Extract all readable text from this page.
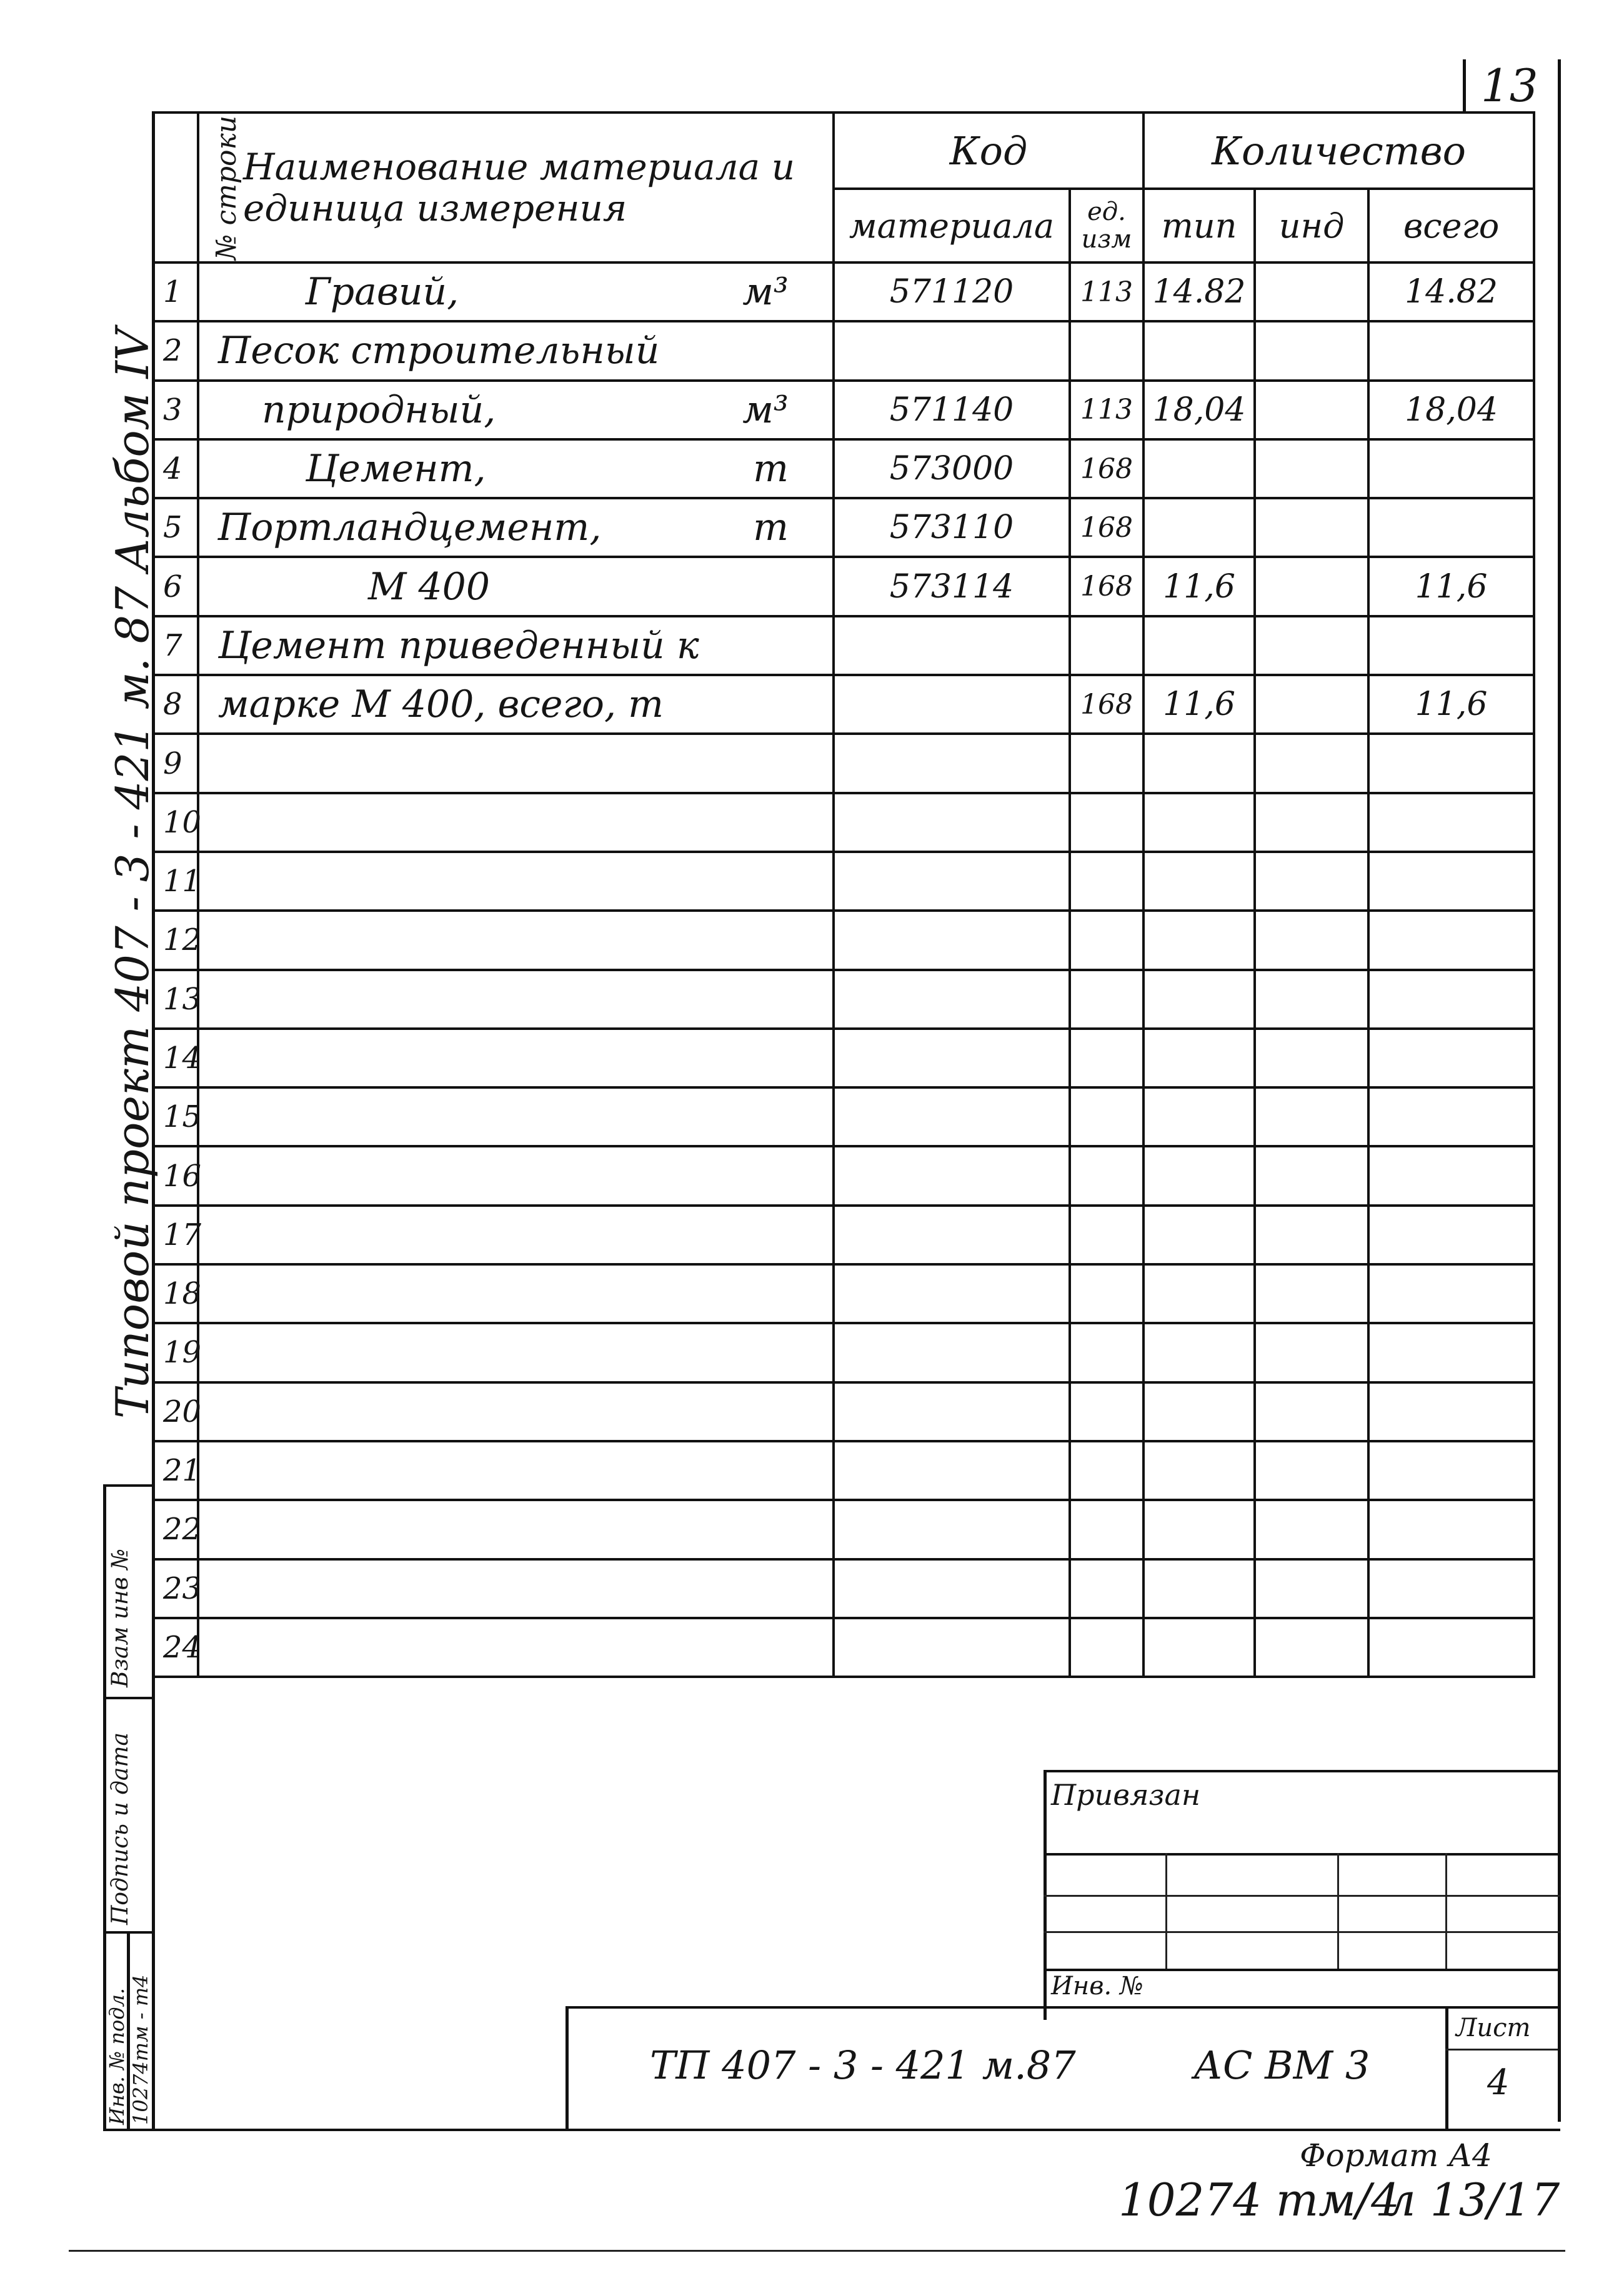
13
Типовой проект 407 - 3 - 421 м. 87 Альбом IV
Взам инв №
Подпись и дата
Инв. № подл. 10274тм - т4
№ строки	Наименование материала и единица измерения	Код		Количество		
		материала	ед. изм	тип	инд	всего
1	Гравий, м³	571120	113	14.82		14.82
2	Песок строительный

3	природный, м³	571140	113	18,04		18,04
4	Цемент, т	573000	168			
5	Портландцемент, т	573110	168			
6	М 400	573114	168	11,6		11,6
7	Цемент приведенный к

8	марке М 400, всего, т		168	11,6		11,6
9	

10	

11	

12	

13	

14	

15	

16	

17	

18	

19	

20	

21	

22	

23	

24	

Привязан
Инв. №
ТП 407 - 3 - 421 м.87	АС ВМ 3
Лист
4
Формат А4
10274 тм/4
л 13/17
